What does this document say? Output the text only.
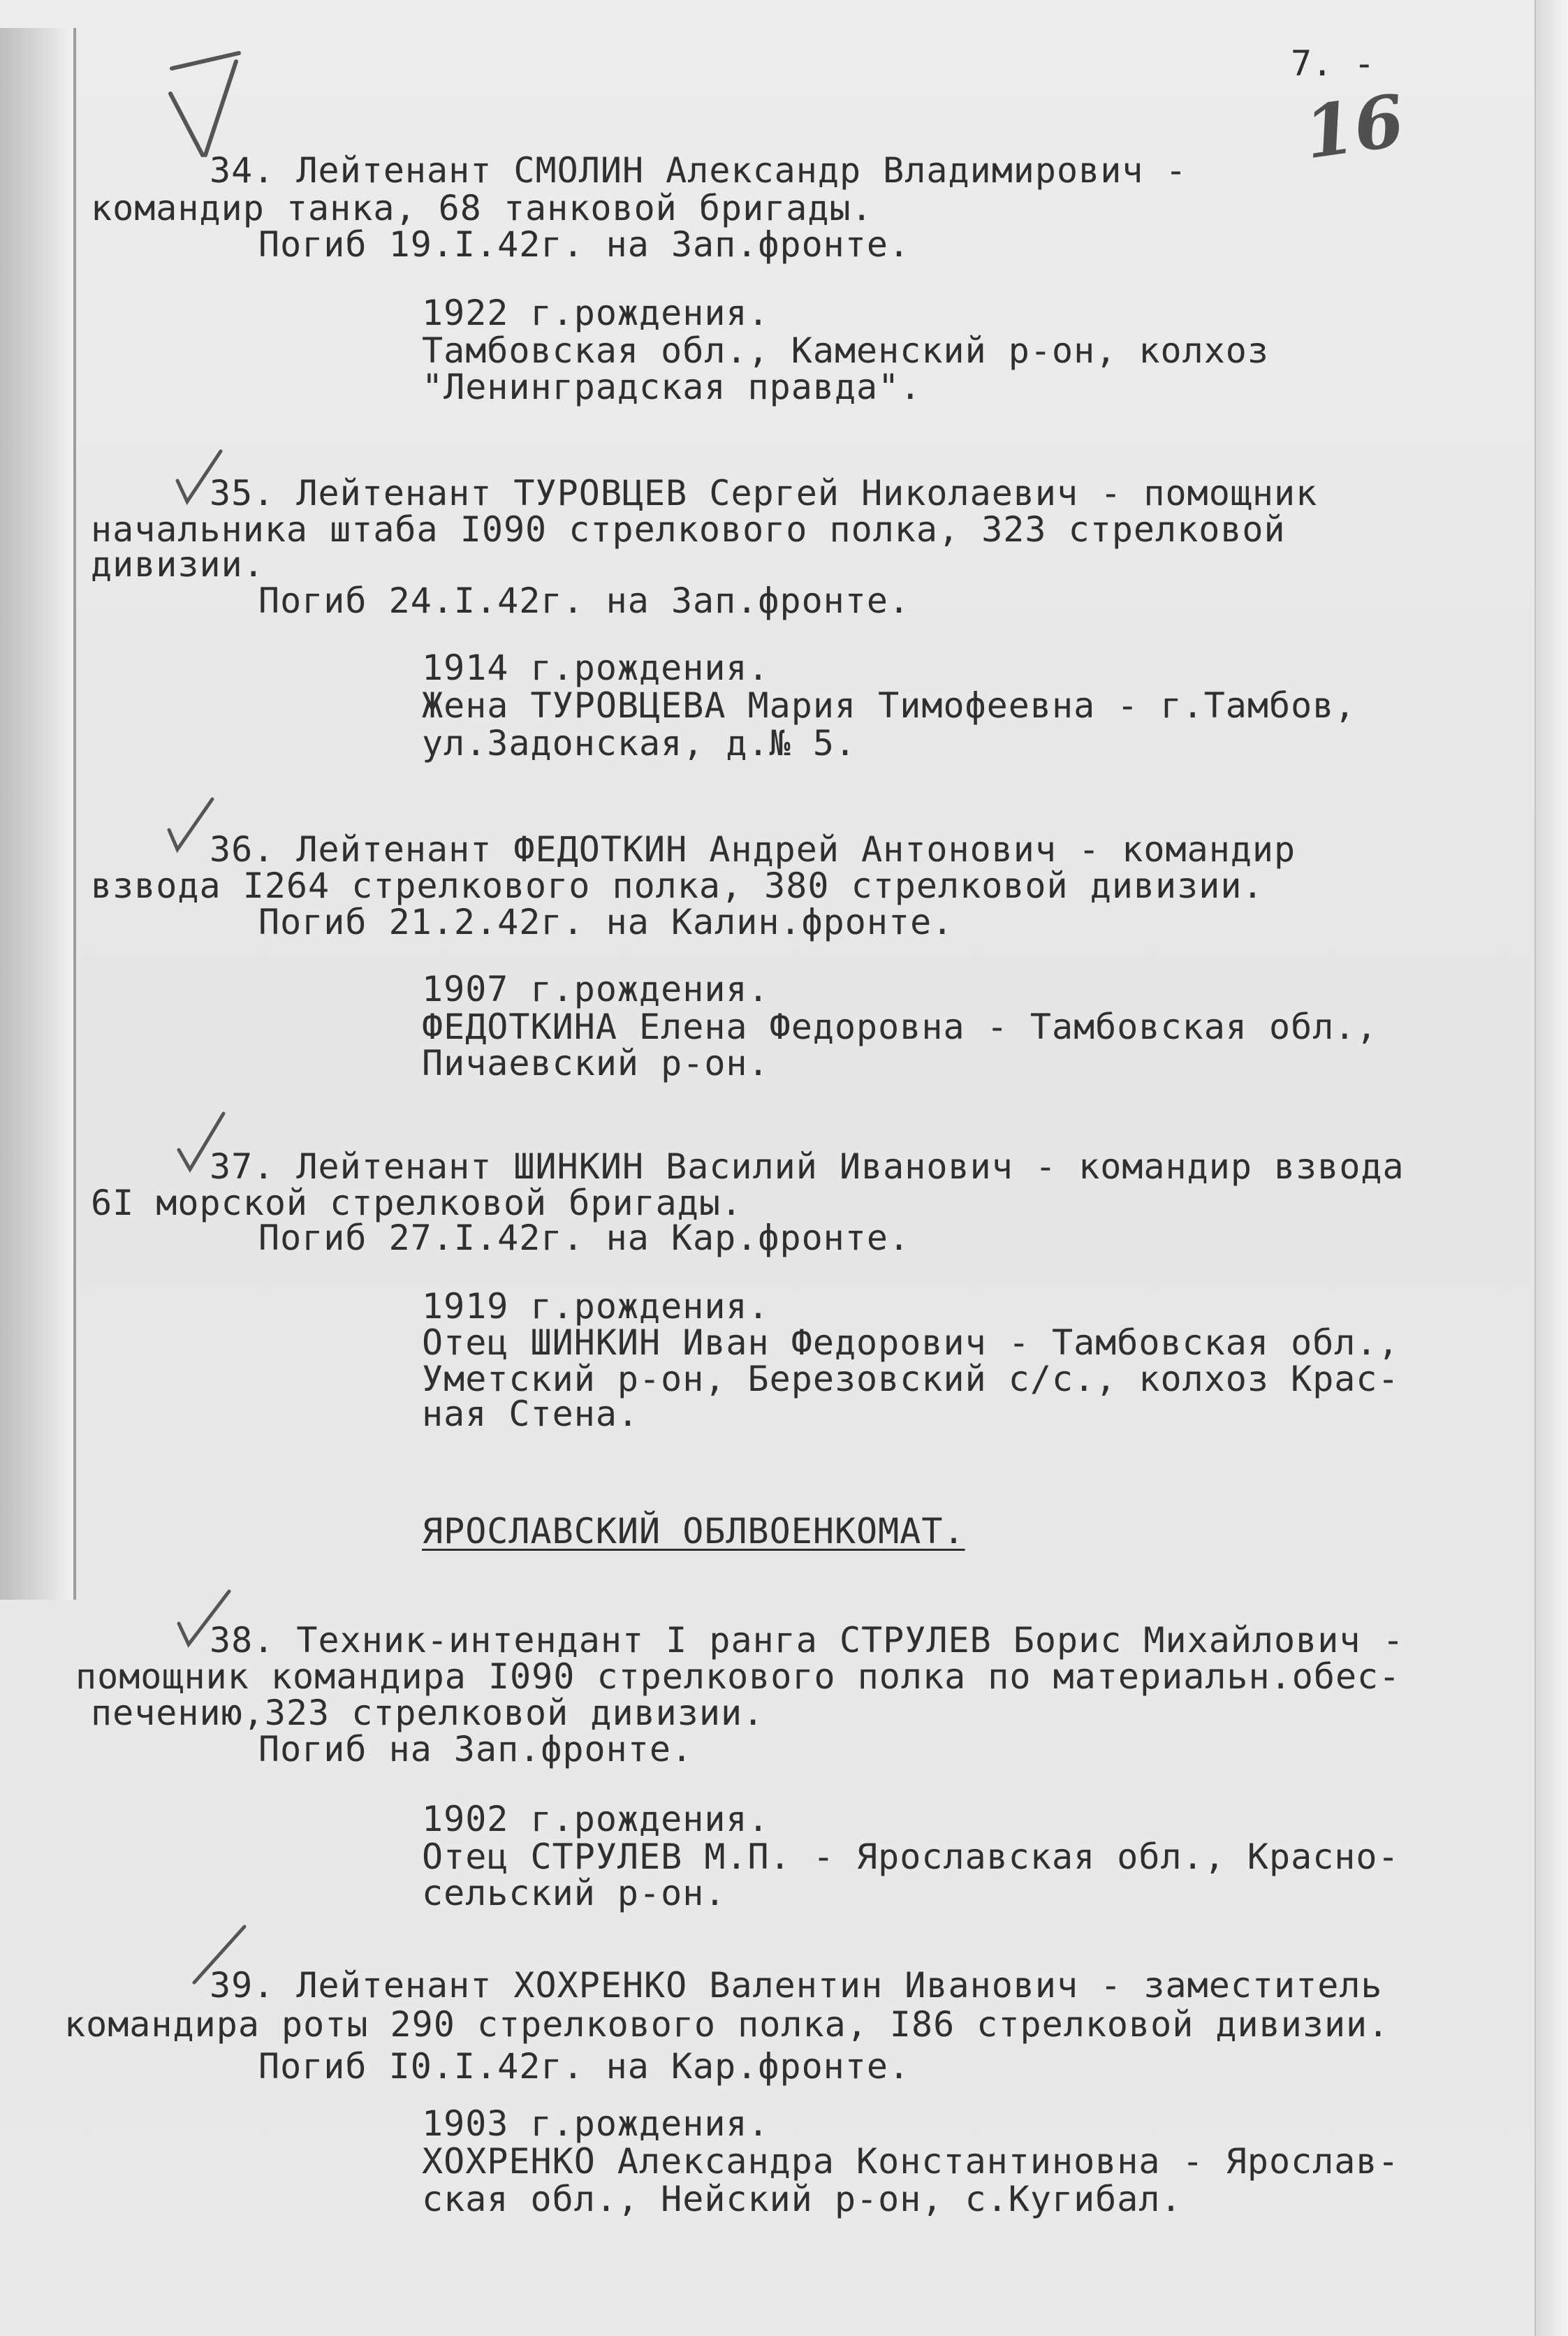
7. -
16
34. Лейтенант СМОЛИН Александр Владимирович -
командир танка, 68 танковой бригады.
Погиб 19.I.42г. на Зап.фронте.
1922 г.рождения.
Тамбовская обл., Каменский р-он, колхоз
"Ленинградская правда".
35. Лейтенант ТУРОВЦЕВ Сергей Николаевич - помощник
начальника штаба I090 стрелкового полка, 323 стрелковой
дивизии.
Погиб 24.I.42г. на Зап.фронте.
1914 г.рождения.
Жена ТУРОВЦЕВА Мария Тимофеевна - г.Тамбов,
ул.Задонская, д.№ 5.
36. Лейтенант ФЕДОТКИН Андрей Антонович - командир
взвода I264 стрелкового полка, 380 стрелковой дивизии.
Погиб 21.2.42г. на Калин.фронте.
1907 г.рождения.
ФЕДОТКИНА Елена Федоровна - Тамбовская обл.,
Пичаевский р-он.
37. Лейтенант ШИНКИН Василий Иванович - командир взвода
6I морской стрелковой бригады.
Погиб 27.I.42г. на Кар.фронте.
1919 г.рождения.
Отец ШИНКИН Иван Федорович - Тамбовская обл.,
Уметский р-он, Березовский с/с., колхоз Крас-
ная Стена.
ЯРОСЛАВСКИЙ ОБЛВОЕНКОМАТ.
38. Техник-интендант I ранга СТРУЛЕВ Борис Михайлович -
помощник командира I090 стрелкового полка по материальн.обес-
печению,323 стрелковой дивизии.
Погиб на Зап.фронте.
1902 г.рождения.
Отец СТРУЛЕВ М.П. - Ярославская обл., Красно-
сельский р-он.
39. Лейтенант ХОХРЕНКО Валентин Иванович - заместитель
командира роты 290 стрелкового полка, I86 стрелковой дивизии.
Погиб I0.I.42г. на Кар.фронте.
1903 г.рождения.
ХОХРЕНКО Александра Константиновна - Ярослав-
ская обл., Нейский р-он, с.Кугибал.
